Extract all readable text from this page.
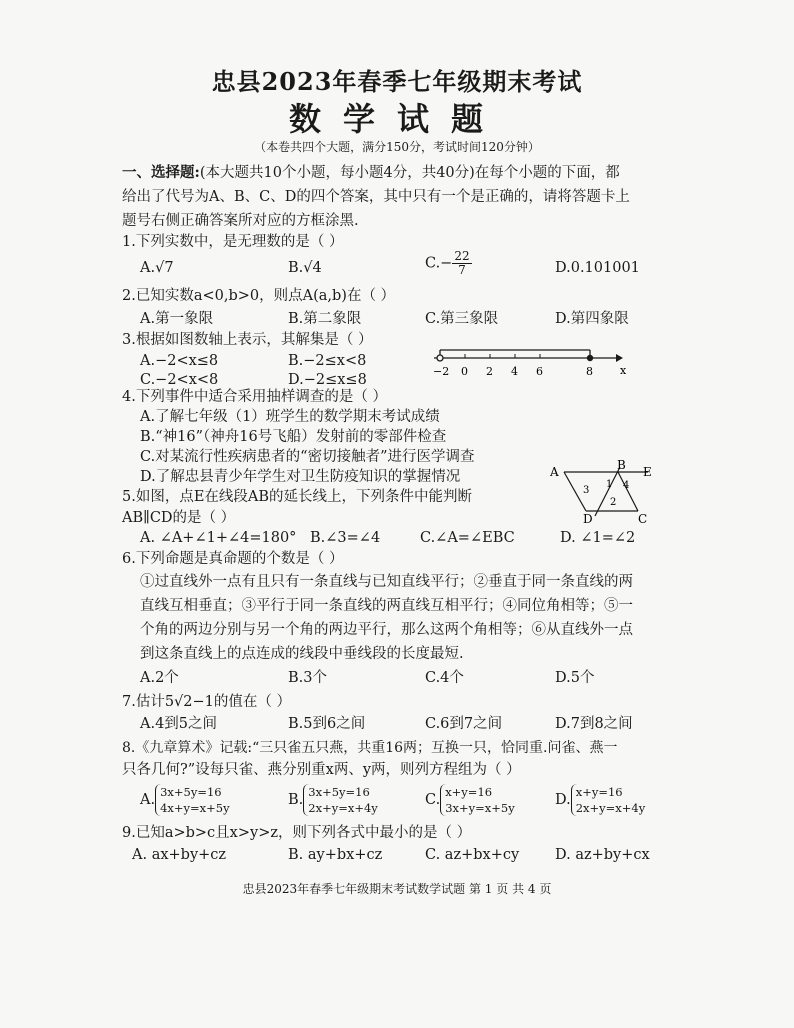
忠县2023年春季七年级期末考试
数学试题
（本卷共四个大题，满分150分，考试时间120分钟）
一、选择题:(本大题共10个小题，每小题4分，共40分)在每个小题的下面，都
给出了代号为A、B、C、D的四个答案，其中只有一个是正确的，请将答题卡上
题号右侧正确答案所对应的方框涂黑.
1.下列实数中，是无理数的是（ ）
A.√7	B.√4	$C.- \frac{22}{7}$	D.0.101001
2.已知实数a<0,b>0，则点A(a,b)在（ ）
A.第一象限	B.第二象限	C.第三象限	D.第四象限
3.根据如图数轴上表示，其解集是（ ）
A.−2<x≤8	B.−2≤x<8
C.−2<x<8	D.−2≤x≤8
−2 0 2 4 6	8 x
4.下列事件中适合采用抽样调查的是（ ）
A.了解七年级（1）班学生的数学期末考试成绩
B.“神16”（神舟16号飞船）发射前的零部件检查
C.对某流行性疾病患者的“密切接触者”进行医学调查
D.了解忠县青少年学生对卫生防疫知识的掌握情况	A	B E
D	C
1
2
3	4
5.如图，点E在线段AB的延长线上，下列条件中能判断
AB∥CD的是（ ）
A. ∠A+∠1+∠4=180° B.∠3=∠4	C.∠A=∠EBC	D. ∠1=∠2
6.下列命题是真命题的个数是（ ）
①过直线外一点有且只有一条直线与已知直线平行；②垂直于同一条直线的两
直线互相垂直；③平行于同一条直线的两直线互相平行；④同位角相等；⑤一
个角的两边分别与另一个角的两边平行，那么这两个角相等；⑥从直线外一点
到这条直线上的点连成的线段中垂线段的长度最短.
A.2个	B.3个	C.4个	D.5个
7.估计5√2−1的值在（ ）
A.4到5之间	B.5到6之间	C.6到7之间	D.7到8之间
8.《九章算术》记载:“三只雀五只燕，共重16两；互换一只，恰同重.问雀、燕一
只各几何?”设每只雀、燕分别重x两、y两，则列方程组为（ ）
A. 3x+5y=16
4x+y=x+5y	B. 3x+5y=16
2x+y=x+4y	C. x+y=16
3x+y=x+5y	D. x+y=16
2x+y=x+4y
9.已知a>b>c且x>y>z，则下列各式中最小的是（ ）
A. ax+by+cz	B. ay+bx+cz	C. az+bx+cy D. az+by+cx
忠县2023年春季七年级期末考试数学试题 第 1 页 共 4 页
